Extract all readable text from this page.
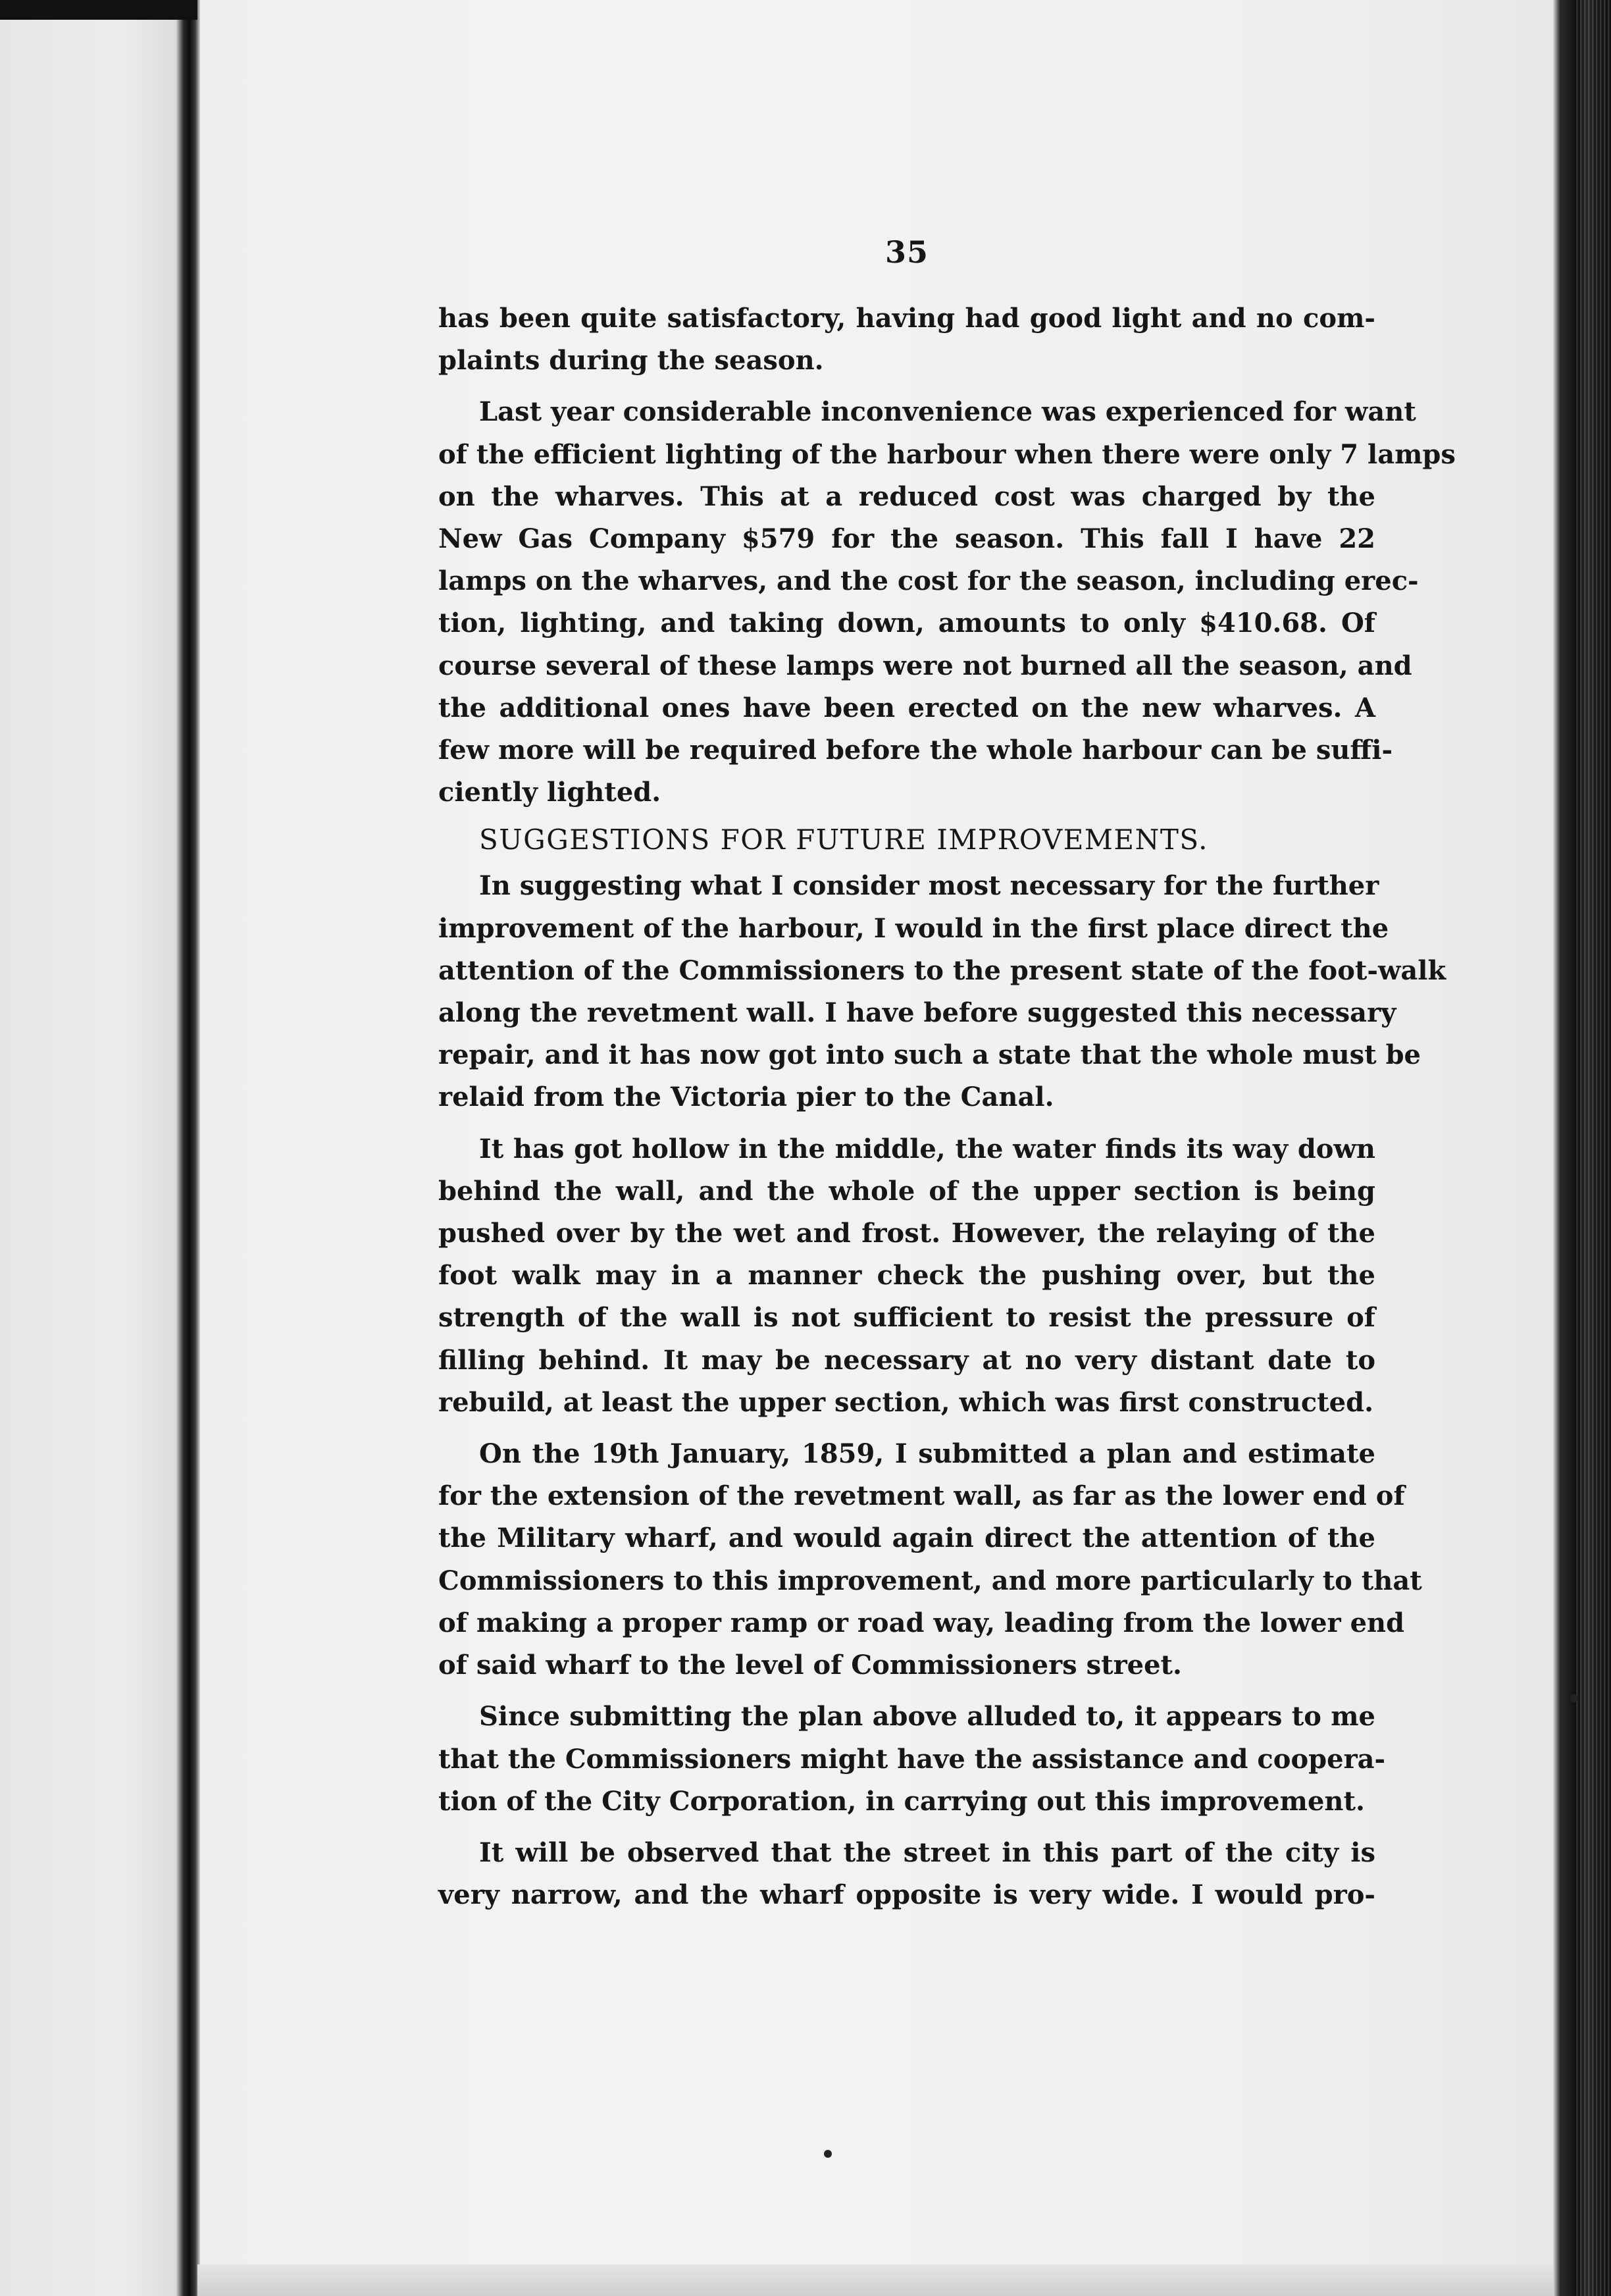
35

has been quite satisfactory, having had good light and no com-
plaints during the season.

Last year considerable inconvenience was experienced for want
of the efficient lighting of the harbour when there were only 7 lamps
on the wharves. This at a reduced cost was charged by the
New Gas Company $579 for the season. This fall I have 22
lamps on the wharves, and the cost for the season, including erec-
tion, lighting, and taking down, amounts to only $410.68. Of
course several of these lamps were not burned all the season, and
the additional ones have been erected on the new wharves. A
few more will be required before the whole harbour can be suffi-
ciently lighted.

SUGGESTIONS FOR FUTURE IMPROVEMENTS.

In suggesting what I consider most necessary for the further
improvement of the harbour, I would in the first place direct the
attention of the Commissioners to the present state of the foot-walk
along the revetment wall. I have before suggested this necessary
repair, and it has now got into such a state that the whole must be
relaid from the Victoria pier to the Canal.

It has got hollow in the middle, the water finds its way down
behind the wall, and the whole of the upper section is being
pushed over by the wet and frost. However, the relaying of the
foot walk may in a manner check the pushing over, but the
strength of the wall is not sufficient to resist the pressure of
filling behind. It may be necessary at no very distant date to
rebuild, at least the upper section, which was first constructed.

On the 19th January, 1859, I submitted a plan and estimate
for the extension of the revetment wall, as far as the lower end of
the Military wharf, and would again direct the attention of the
Commissioners to this improvement, and more particularly to that
of making a proper ramp or road way, leading from the lower end
of said wharf to the level of Commissioners street.

Since submitting the plan above alluded to, it appears to me
that the Commissioners might have the assistance and coopera-
tion of the City Corporation, in carrying out this improvement.

It will be observed that the street in this part of the city is
very narrow, and the wharf opposite is very wide. I would pro-
